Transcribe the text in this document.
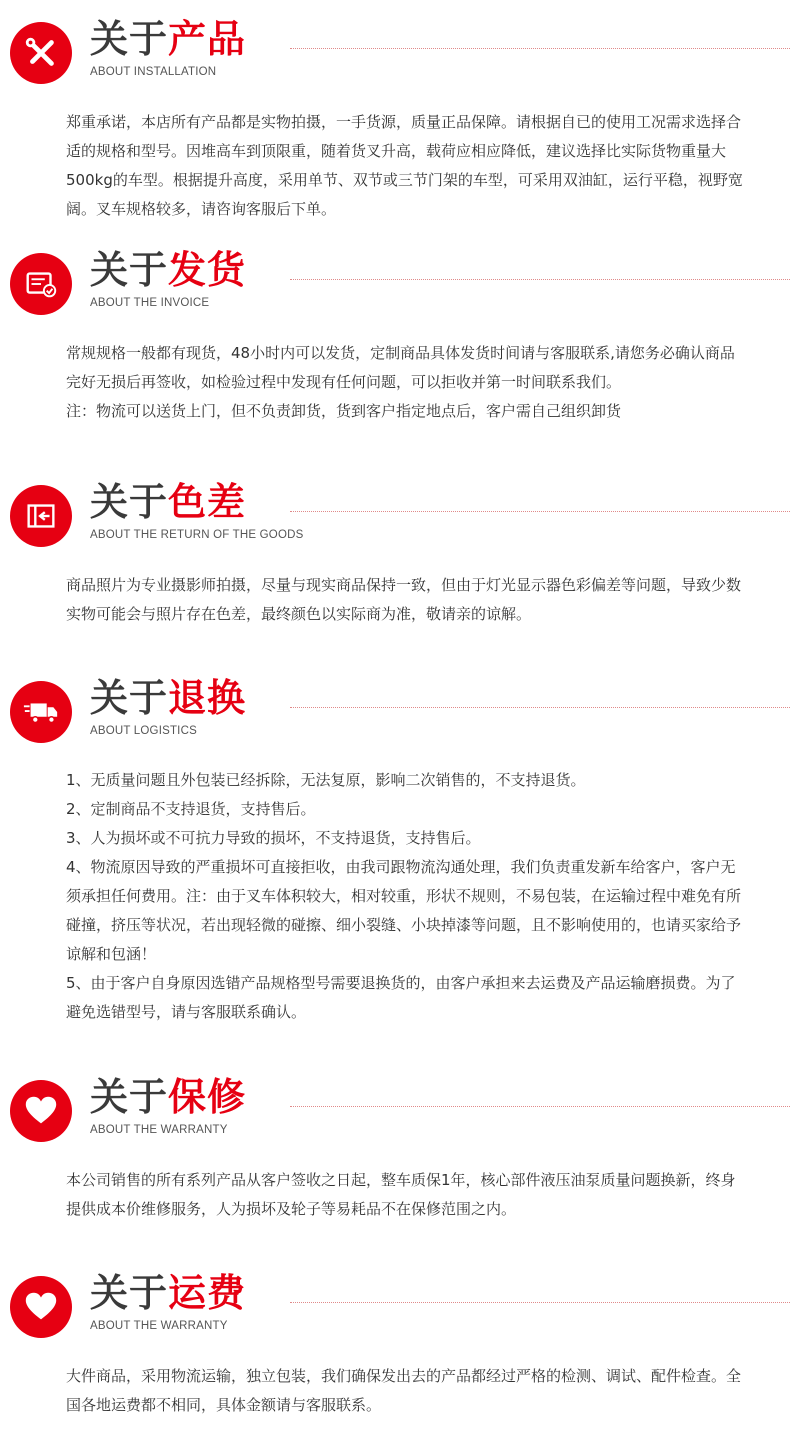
关于产品
ABOUT INSTALLATION

郑重承诺，本店所有产品都是实物拍摄，一手货源，质量正品保障。请根据自已的使用工况需求选择合适的规格和型号。因堆高车到顶限重，随着货叉升高，载荷应相应降低，建议选择比实际货物重量大500kg的车型。根据提升高度，采用单节、双节或三节门架的车型，可采用双油缸，运行平稳，视野宽阔。叉车规格较多，请咨询客服后下单。

关于发货
ABOUT THE INVOICE

常规规格一般都有现货，48小时内可以发货，定制商品具体发货时间请与客服联系,请您务必确认商品完好无损后再签收，如检验过程中发现有任何问题，可以拒收并第一时间联系我们。

注：物流可以送货上门，但不负责卸货，货到客户指定地点后，客户需自己组织卸货

关于色差
ABOUT THE RETURN OF THE GOODS

商品照片为专业摄影师拍摄，尽量与现实商品保持一致，但由于灯光显示器色彩偏差等问题，导致少数实物可能会与照片存在色差，最终颜色以实际商为准，敬请亲的谅解。

关于退换
ABOUT LOGISTICS

1、无质量问题且外包装已经拆除，无法复原，影响二次销售的，不支持退货。

2、定制商品不支持退货，支持售后。

3、人为损坏或不可抗力导致的损坏，不支持退货，支持售后。

4、物流原因导致的严重损坏可直接拒收，由我司跟物流沟通处理，我们负责重发新车给客户，客户无须承担任何费用。注：由于叉车体积较大，相对较重，形状不规则，不易包装，在运输过程中难免有所碰撞，挤压等状况，若出现轻微的碰擦、细小裂缝、小块掉漆等问题，且不影响使用的，也请买家给予谅解和包涵！

5、由于客户自身原因选错产品规格型号需要退换货的，由客户承担来去运费及产品运输磨损费。为了避免选错型号，请与客服联系确认。

关于保修
ABOUT THE WARRANTY

本公司销售的所有系列产品从客户签收之日起，整车质保1年，核心部件液压油泵质量问题换新，终身提供成本价维修服务，人为损坏及轮子等易耗品不在保修范围之内。

关于运费
ABOUT THE WARRANTY

大件商品，采用物流运输，独立包装，我们确保发出去的产品都经过严格的检测、调试、配件检查。全国各地运费都不相同，具体金额请与客服联系。
